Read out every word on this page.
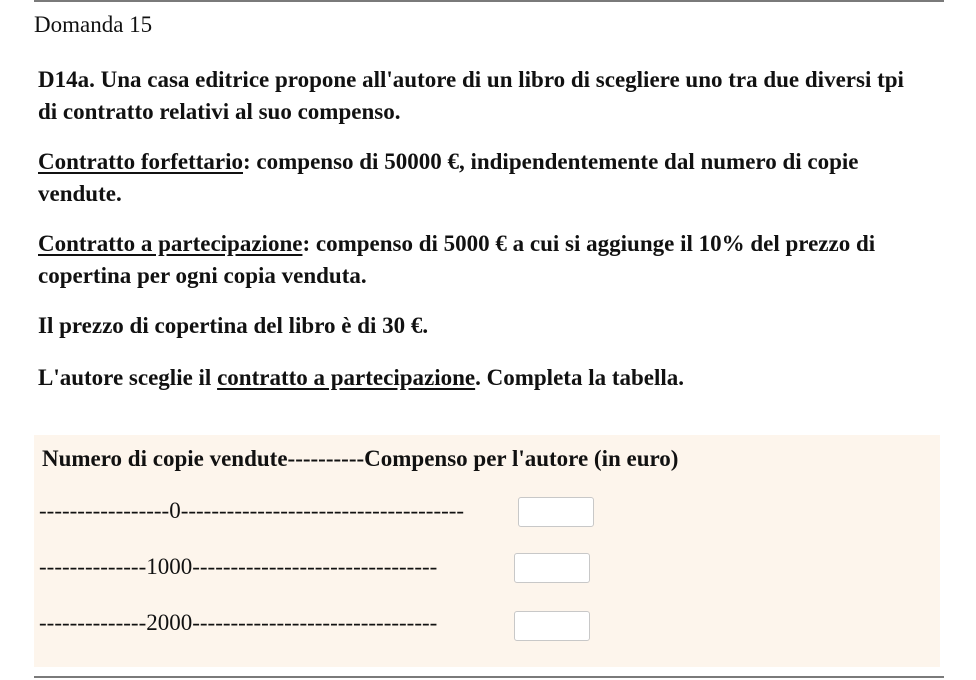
Domanda 15
D14a. Una casa editrice propone all'autore di un libro di scegliere uno tra due diversi tpi di contratto relativi al suo compenso.
Contratto forfettario: compenso di 50000 €, indipendentemente dal numero di copie vendute.
Contratto a partecipazione: compenso di 5000 € a cui si aggiunge il 10% del prezzo di copertina per ogni copia venduta.
Il prezzo di copertina del libro è di 30 €.
L'autore sceglie il contratto a partecipazione. Completa la tabella.
Numero di copie vendute----------Compenso per l'autore (in euro)
-----------------0-------------------------------------
--------------1000--------------------------------
--------------2000--------------------------------
